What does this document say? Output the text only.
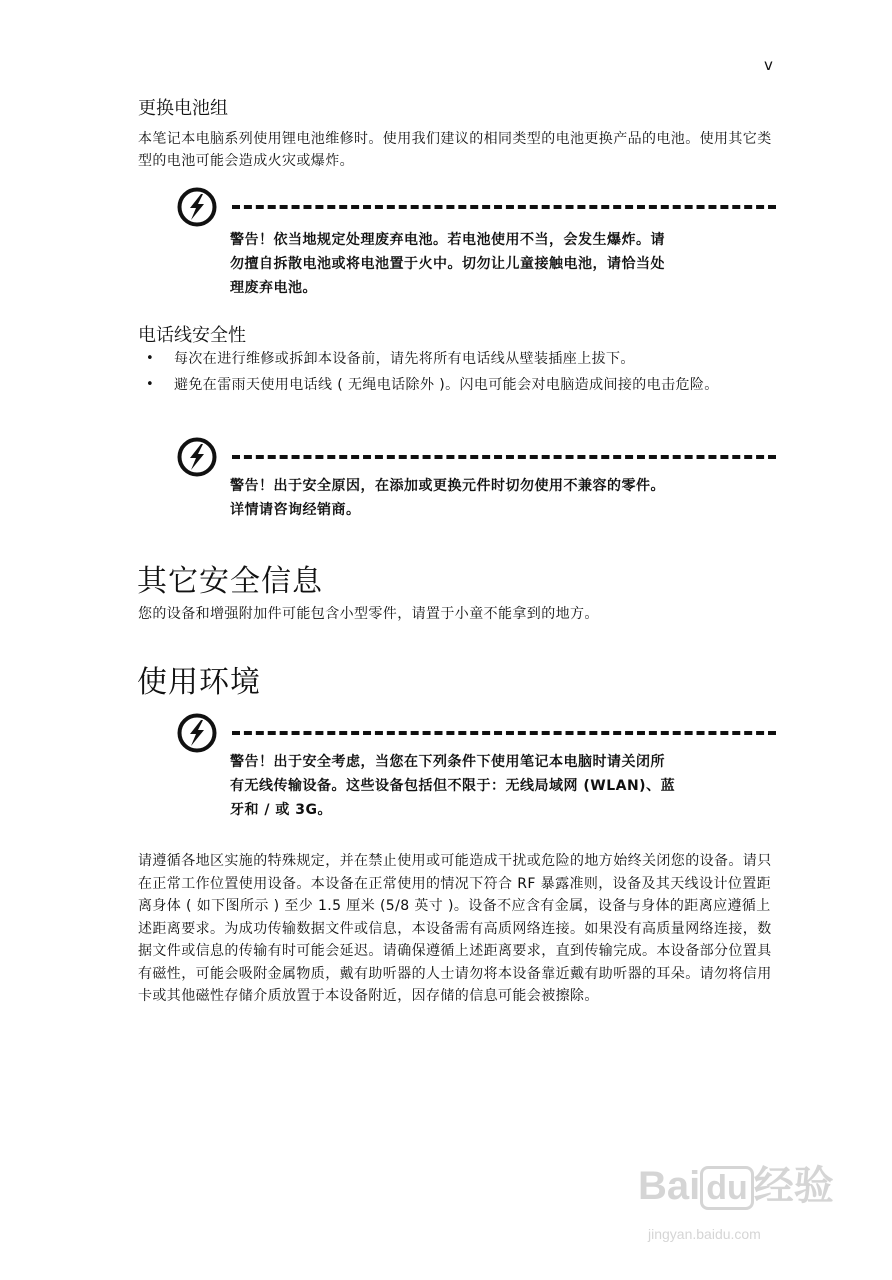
v
更换电池组

本笔记本电脑系列使用锂电池维修时。使用我们建议的相同类型的电池更换产品的电池。使用其它类型的电池可能会造成火灾或爆炸。

警告！依当地规定处理废弃电池。若电池使用不当，会发生爆炸。请
勿擅自拆散电池或将电池置于火中。切勿让儿童接触电池，请恰当处
理废弃电池。
电话线安全性
• 每次在进行维修或拆卸本设备前，请先将所有电话线从壁装插座上拔下。
• 避免在雷雨天使用电话线 ( 无绳电话除外 )。闪电可能会对电脑造成间接的电击危险。
警告！出于安全原因，在添加或更换元件时切勿使用不兼容的零件。
详情请咨询经销商。
其它安全信息

您的设备和增强附加件可能包含小型零件，请置于小童不能拿到的地方。

使用环境
警告！出于安全考虑，当您在下列条件下使用笔记本电脑时请关闭所
有无线传输设备。这些设备包括但不限于：无线局域网 (WLAN)、蓝
牙和 / 或 3G。

请遵循各地区实施的特殊规定，并在禁止使用或可能造成干扰或危险的地方始终关闭您的设备。请只在正常工作位置使用设备。本设备在正常使用的情况下符合 RF 暴露准则，设备及其天线设计位置距离身体 ( 如下图所示 ) 至少 1.5 厘米 (5/8 英寸 )。设备不应含有金属，设备与身体的距离应遵循上述距离要求。为成功传输数据文件或信息，本设备需有高质网络连接。如果没有高质量网络连接，数据文件或信息的传输有时可能会延迟。请确保遵循上述距离要求，直到传输完成。本设备部分位置具有磁性，可能会吸附金属物质，戴有助听器的人士请勿将本设备靠近戴有助听器的耳朵。请勿将信用卡或其他磁性存储介质放置于本设备附近，因存储的信息可能会被擦除。

Bai du 经验
jingyan.baidu.com
